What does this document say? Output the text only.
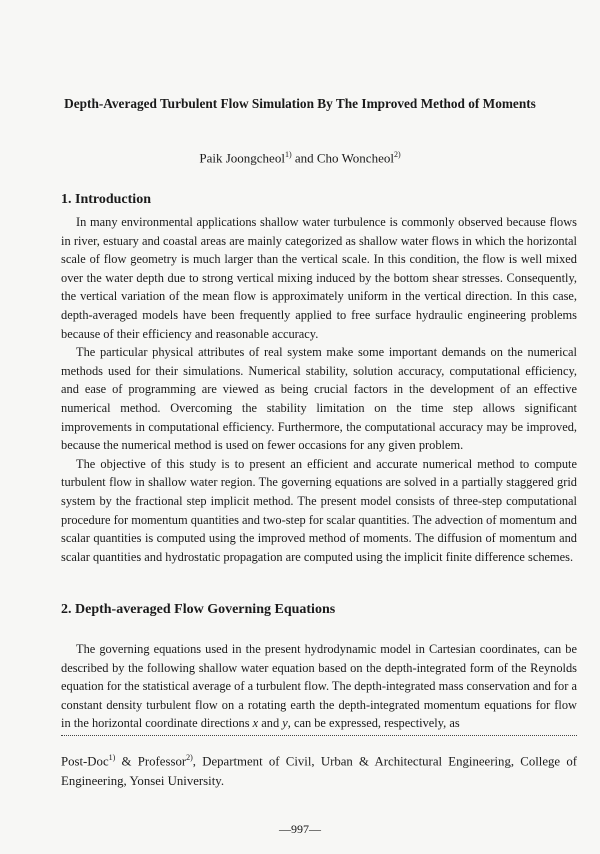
Depth-Averaged Turbulent Flow Simulation By The Improved Method of Moments
Paik Joongcheol$^{1)}$ and Cho Woncheol$^{2)}$
1. Introduction

In many environmental applications shallow water turbulence is commonly observed because flows in river, estuary and coastal areas are mainly categorized as shallow water flows in which the horizontal scale of flow geometry is much larger than the vertical scale. In this condition, the flow is well mixed over the water depth due to strong vertical mixing induced by the bottom shear stresses. Consequently, the vertical variation of the mean flow is approximately uniform in the vertical direction. In this case, depth-averaged models have been frequently applied to free surface hydraulic engineering problems because of their efficiency and reasonable accuracy.

The particular physical attributes of real system make some important demands on the numerical methods used for their simulations. Numerical stability, solution accuracy, computational efficiency, and ease of programming are viewed as being crucial factors in the development of an effective numerical method. Overcoming the stability limitation on the time step allows significant improvements in computational efficiency. Furthermore, the computational accuracy may be improved, because the numerical method is used on fewer occasions for any given problem.

The objective of this study is to present an efficient and accurate numerical method to compute turbulent flow in shallow water region. The governing equations are solved in a partially staggered grid system by the fractional step implicit method. The present model consists of three-step computational procedure for momentum quantities and two-step for scalar quantities. The advection of momentum and scalar quantities is computed using the improved method of moments. The diffusion of momentum and scalar quantities and hydrostatic propagation are computed using the implicit finite difference schemes.

2. Depth-averaged Flow Governing Equations

The governing equations used in the present hydrodynamic model in Cartesian coordinates, can be described by the following shallow water equation based on the depth-integrated form of the Reynolds equation for the statistical average of a turbulent flow. The depth-integrated mass conservation and for a constant density turbulent flow on a rotating earth the depth-integrated momentum equations for flow in the horizontal coordinate directions x and y, can be expressed, respectively, as

Post-Doc$^{1)}$ & Professor$^{2)}$, Department of Civil, Urban & Architectural Engineering, College of Engineering, Yonsei University.
—997—
